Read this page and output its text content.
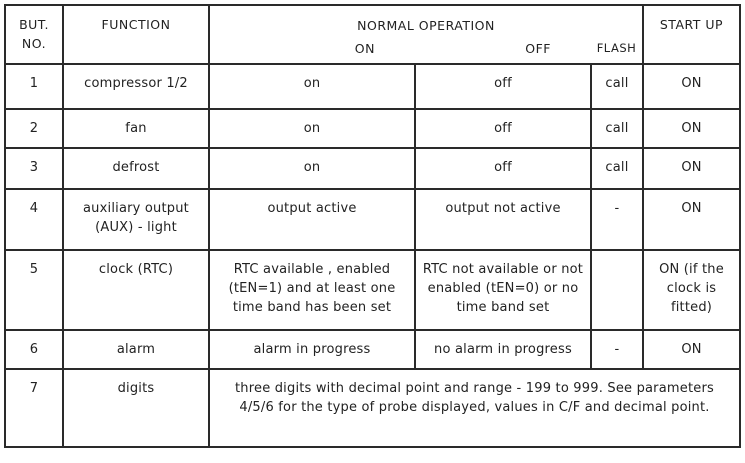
BUT. NO.	FUNCTION	NORMAL OPERATION			START UP
		ON	OFF	FLASH	
1	compressor 1/2	on	off	call	ON
2	fan	on	off	call	ON
3	defrost	on	off	call	ON
4	auxiliary output (AUX) - light	output active	output not active	-	ON
5	clock (RTC)	RTC available , enabled (tEN=1) and at least one time band has been set	RTC not available or not enabled (tEN=0) or no time band set		ON (if the clock is fitted)
6	alarm	alarm in progress	no alarm in progress	-	ON
7	digits	three digits with decimal point and range - 199 to 999. See parameters 4/5/6 for the type of probe displayed, values in C/F and decimal point.			
